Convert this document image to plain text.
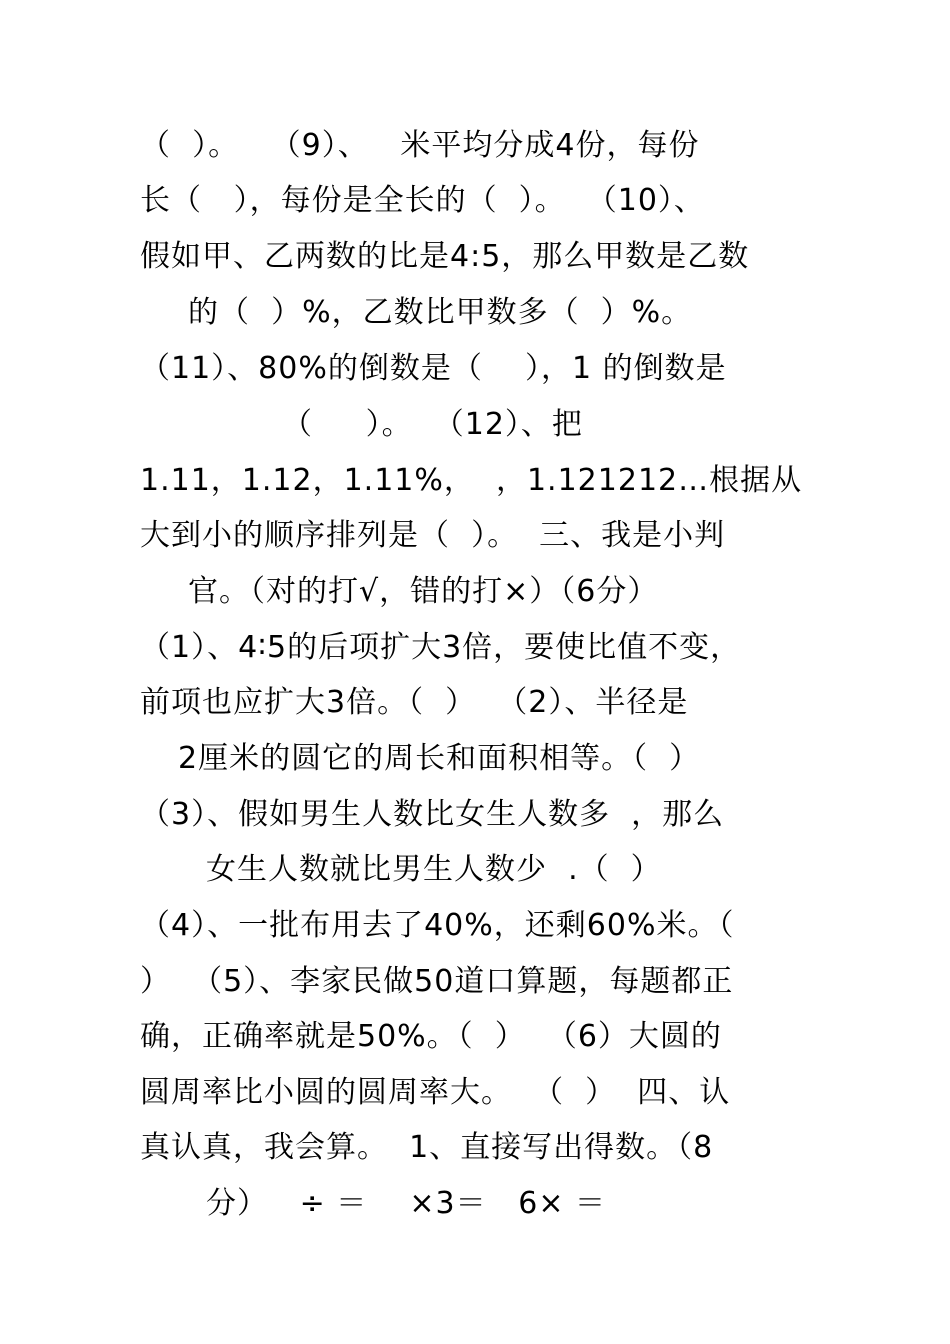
（  ）。   （9）、   米平均分成4份，每份
长（   ），每份是全长的（  ）。  （10）、
假如甲、乙两数的比是4:5，那么甲数是乙数
的（  ）%，乙数比甲数多（  ）%。
（11）、80%的倒数是（    ），1 的倒数是
（     ）。  （12）、把
1.11，1.12，1.11%，  ，1.121212…根据从
大到小的顺序排列是（  ）。  三、我是小判
官。（对的打√，错的打×）（6分）
（1）、4∶5的后项扩大3倍，要使比值不变，
前项也应扩大3倍。（  ）  （2）、半径是
2厘米的圆它的周长和面积相等。（  ）
（3）、假如男生人数比女生人数多  ，那么
女生人数就比男生人数少  .（  ）
（4）、一批布用去了40%，还剩60%米。（
）  （5）、李家民做50道口算题，每题都正
确，正确率就是50%。（  ）  （6）大圆的
圆周率比小圆的圆周率大。  （  ）  四、认
真认真，我会算。  1、直接写出得数。（8
分）   ÷ ＝    ×3＝   6× ＝
